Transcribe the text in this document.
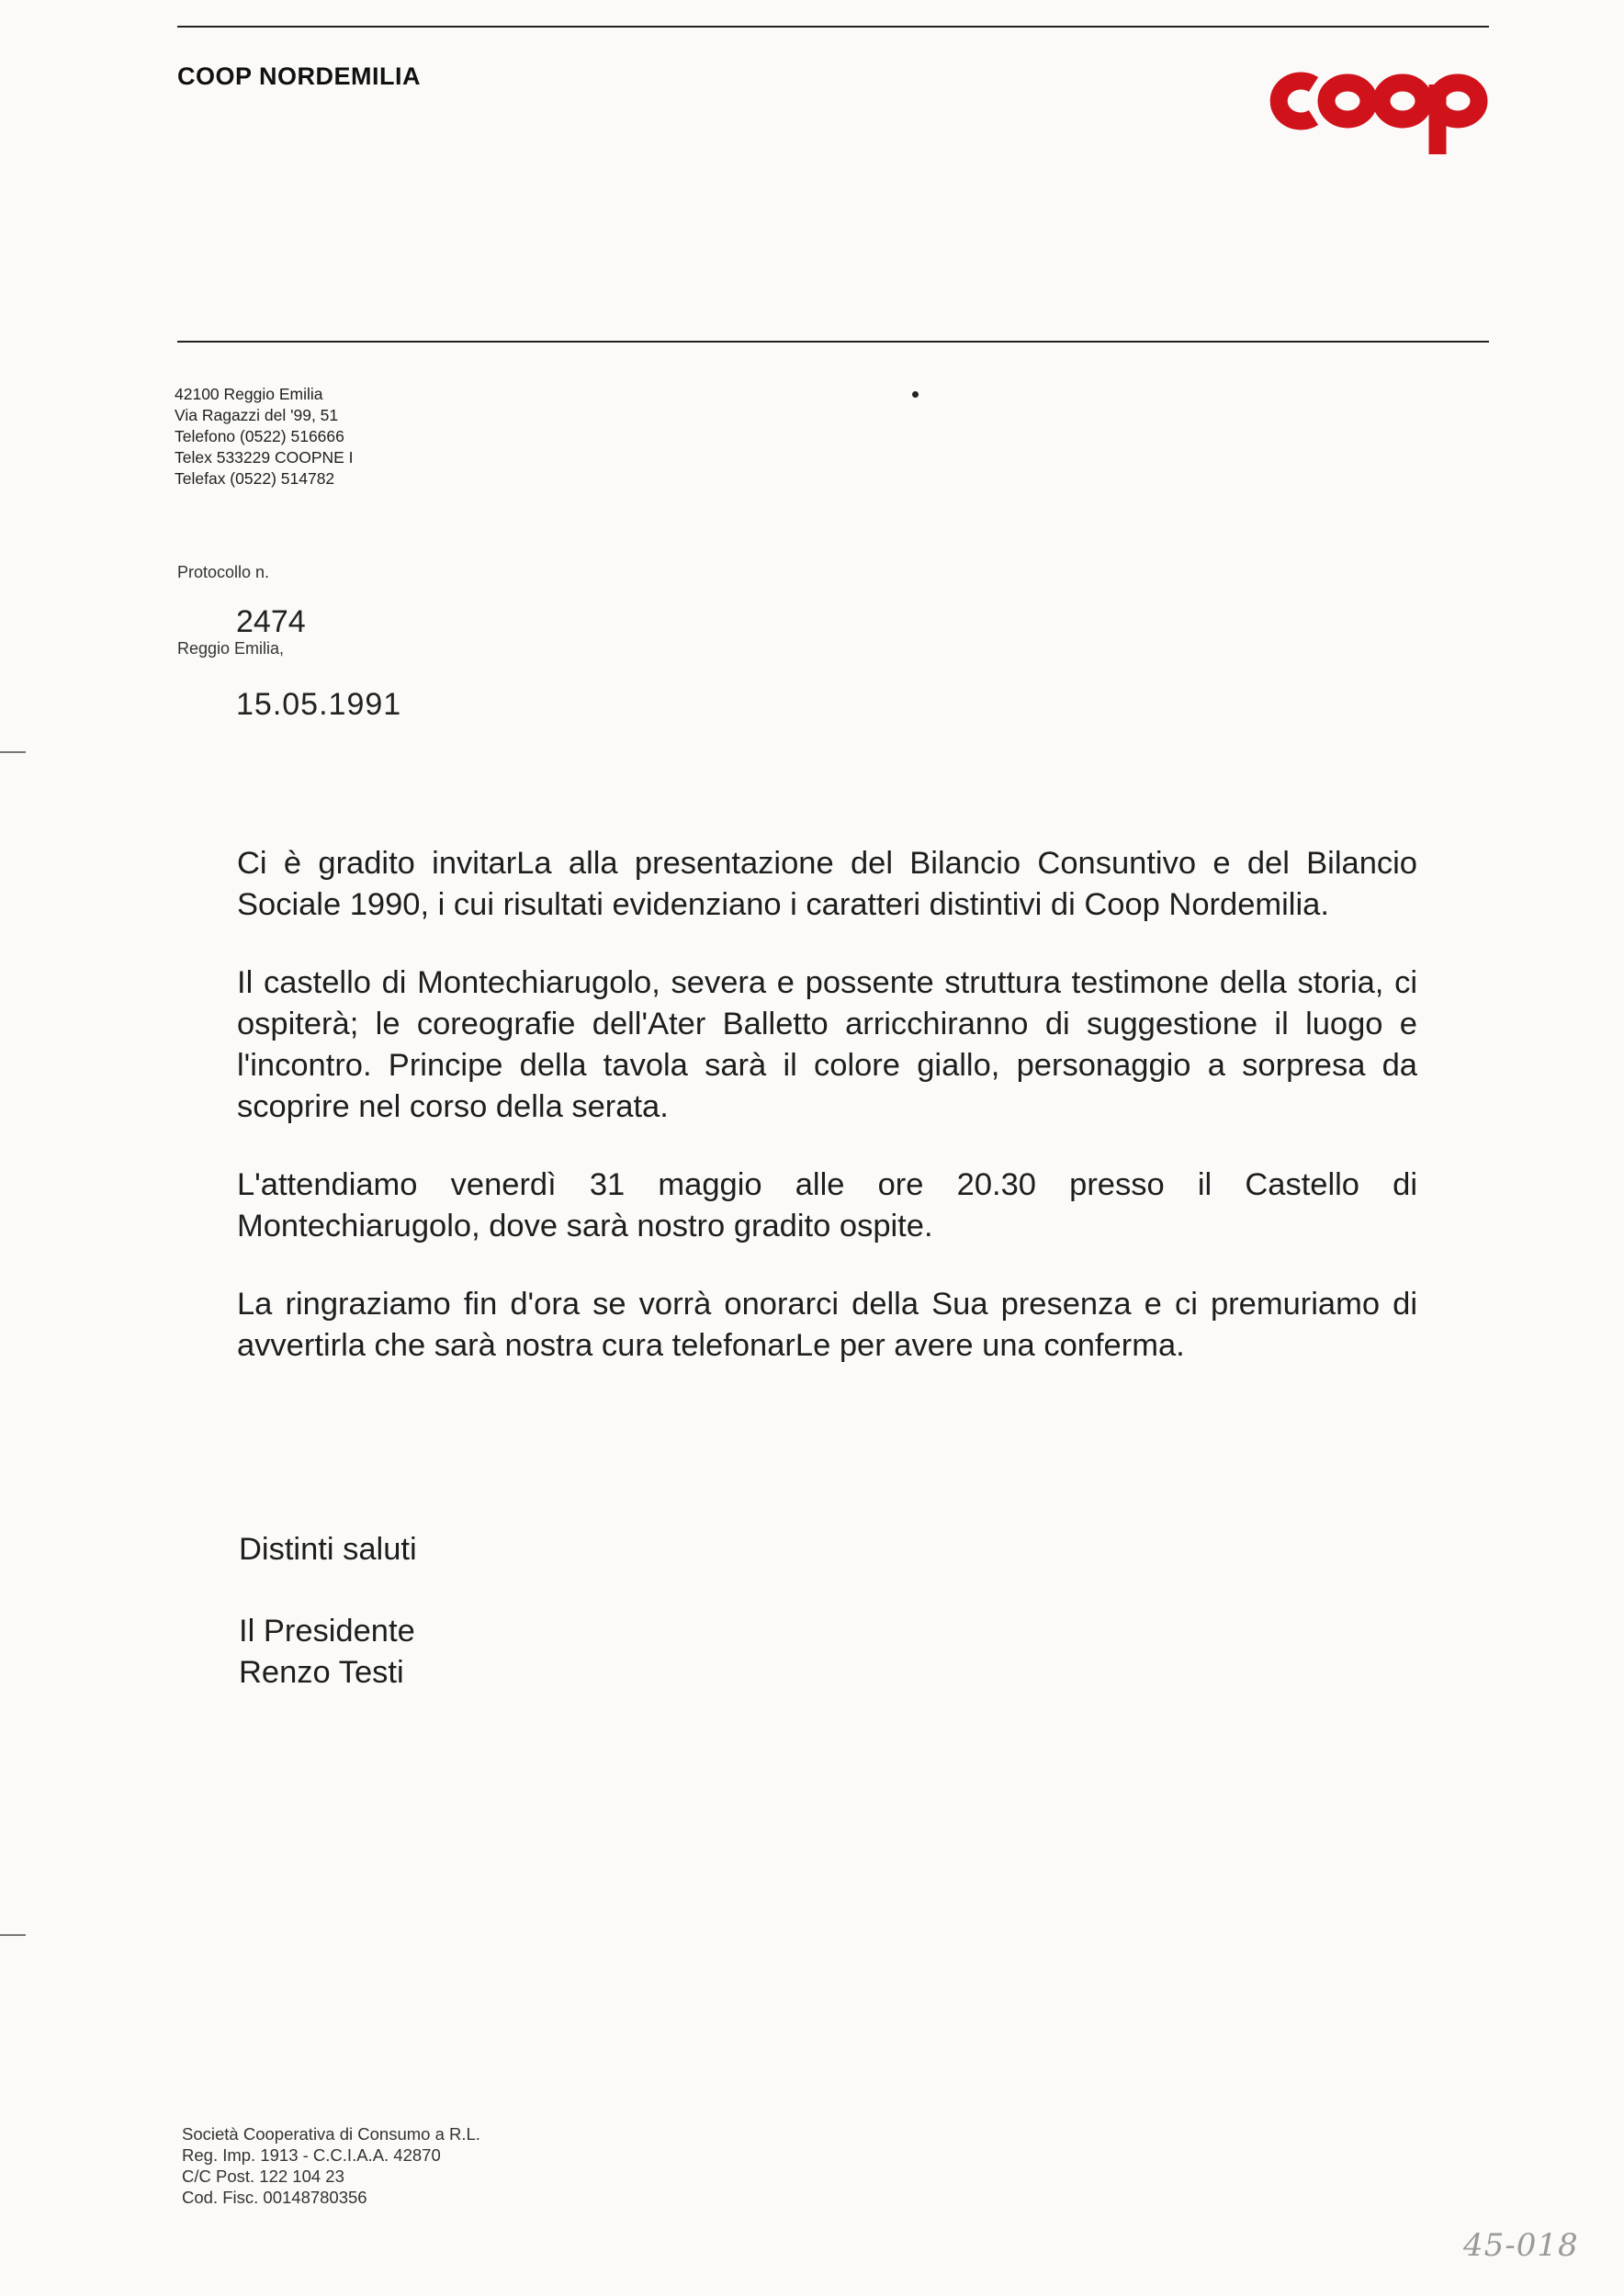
COOP NORDEMILIA
42100 Reggio Emilia
Via Ragazzi del '99, 51
Telefono (0522) 516666
Telex 533229 COOPNE I
Telefax (0522) 514782
Protocollo n.
2474
Reggio Emilia,
15.05.1991

Ci è gradito invitarLa alla presentazione del Bilancio Consuntivo e del Bilancio Sociale 1990, i cui risultati evidenziano i caratteri distintivi di Coop Nordemilia.

Il castello di Montechiarugolo, severa e possente struttura testimone della storia, ci ospiterà; le coreografie dell'Ater Balletto arricchiranno di suggestione il luogo e l'incontro. Principe della tavola sarà il colore giallo, personaggio a sorpresa da scoprire nel corso della serata.

L'attendiamo venerdì 31 maggio alle ore 20.30 presso il Castello di Montechiarugolo, dove sarà nostro gradito ospite.

La ringraziamo fin d'ora se vorrà onorarci della Sua presenza e ci premuriamo di avvertirla che sarà nostra cura telefonarLe per avere una conferma.

Distinti saluti
Il Presidente
Renzo Testi
Società Cooperativa di Consumo a R.L.
Reg. Imp. 1913 - C.C.I.A.A. 42870
C/C Post. 122 104 23
Cod. Fisc. 00148780356
45-018
